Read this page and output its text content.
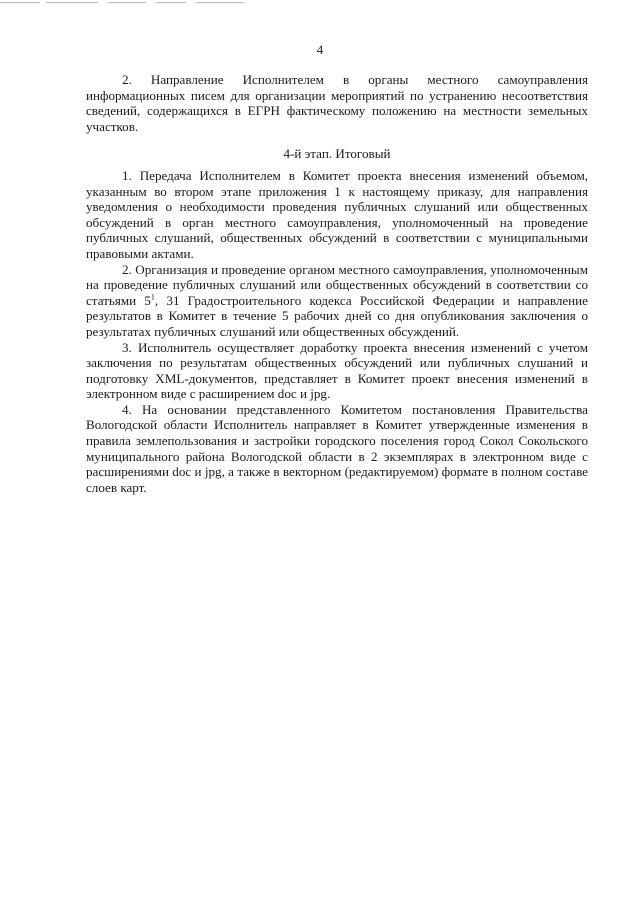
4

2. Направление Исполнителем в органы местного самоуправления информационных писем для организации мероприятий по устранению несоответствия сведений, содержащихся в ЕГРН фактическому положению на местности земельных участков.

4-й этап. Итоговый

1. Передача Исполнителем в Комитет проекта внесения изменений объемом, указанным во втором этапе приложения 1 к настоящему приказу, для направления уведомления о необходимости проведения публичных слушаний или общественных обсуждений в орган местного самоуправления, уполномоченный на проведение публичных слушаний, общественных обсуждений в соответствии с муниципальными правовыми актами.

2. Организация и проведение органом местного самоуправления, уполномоченным на проведение публичных слушаний или общественных обсуждений в соответствии со статьями $5^1$, 31 Градостроительного кодекса Российской Федерации и направление результатов в Комитет в течение 5 рабочих дней со дня опубликования заключения о результатах публичных слушаний или общественных обсуждений.

3. Исполнитель осуществляет доработку проекта внесения изменений с учетом заключения по результатам общественных обсуждений или публичных слушаний и подготовку XML-документов, представляет в Комитет проект внесения изменений в электронном виде с расширением doc и jpg.

4. На основании представленного Комитетом постановления Правительства Вологодской области Исполнитель направляет в Комитет утвержденные изменения в правила землепользования и застройки городского поселения город Сокол Сокольского муниципального района Вологодской области в 2 экземплярах в электронном виде с расширениями doc и jpg, а также в векторном (редактируемом) формате в полном составе слоев карт.
